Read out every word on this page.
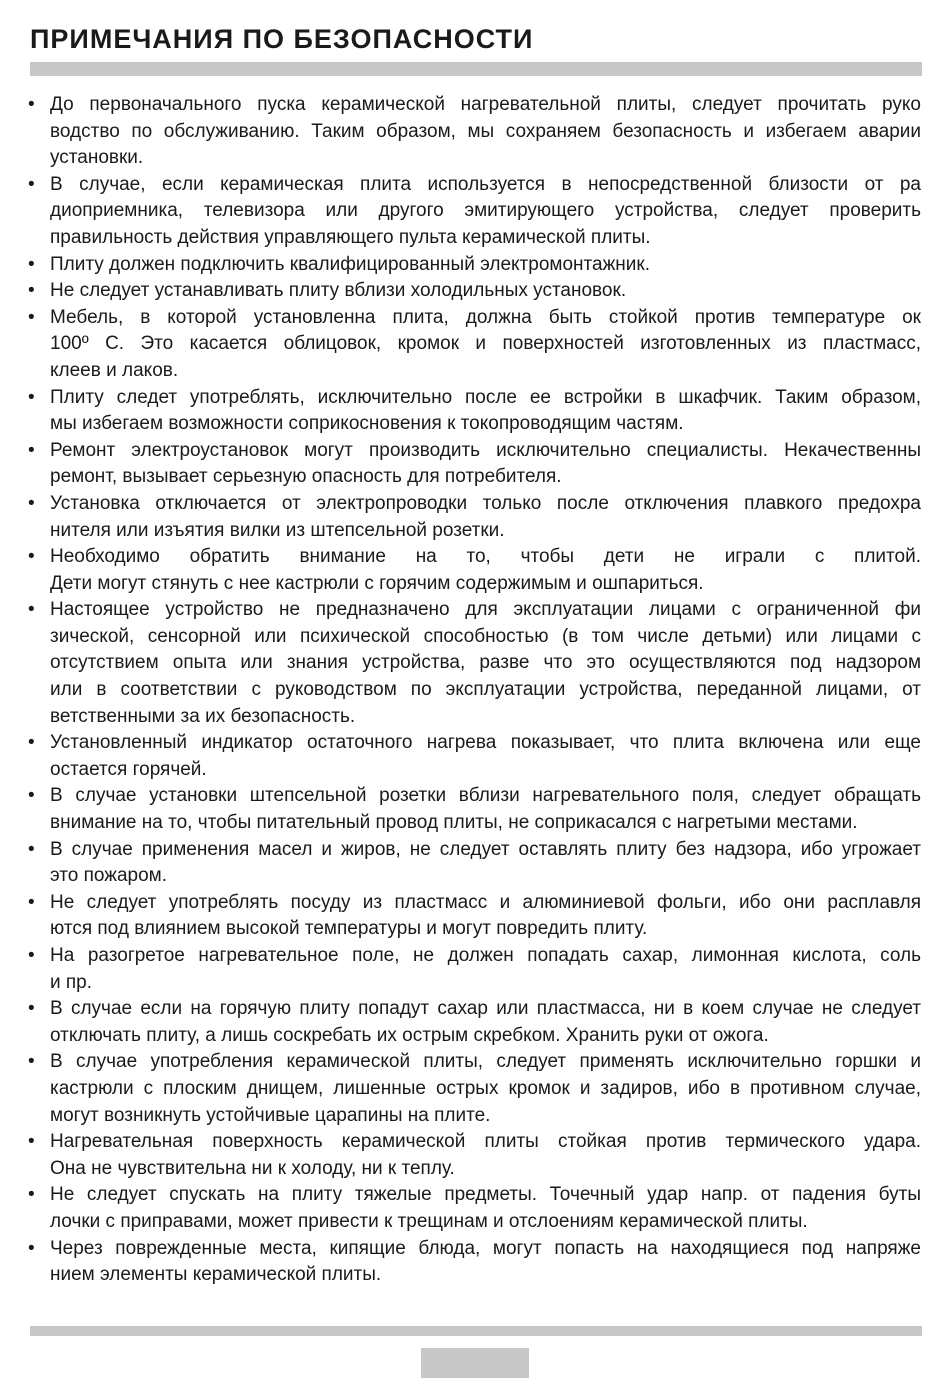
ПРИМЕЧАНИЯ ПО БЕЗОПАСНОСТИ
• До первоначального пуска керамической нагревательной плиты, следует прочитать руко
водство по обслуживанию. Таким образом, мы сохраняем безопасность и избегаем аварии
установки.
• В случае, если керамическая плита используется в непосредственной близости от ра
диоприемника, телевизора или другого эмитирующего устройства, следует проверить
правильность действия управляющего пульта керамической плиты.
• Плиту должен подключить квалифицированный электромонтажник.
• Не следует устанавливать плиту вблизи холодильных установок.
• Мебель, в которой установленна плита, должна быть стойкой против температуре ок
100º С. Это касается облицовок, кромок и поверхностей изготовленных из пластмасс,
клеев и лаков.
• Плиту следет употреблять, исключительно после ее встройки в шкафчик. Таким образом,
мы избегаем возможности соприкосновения к токопроводящим частям.
• Ремонт электроустановок могут производить исключительно специалисты. Некачественны
ремонт, вызывает серьезную опасность для потребителя.
• Установка отключается от электропроводки только после отключения плавкого предохра
нителя или изъятия вилки из штепсельной розетки.
• Необходимо обратить внимание на то, чтобы дети не играли с плитой.
Дети могут стянуть с нее кастрюли с горячим содержимым и ошпариться.
• Настоящее устройство не предназначено для эксплуатации лицами с ограниченной фи
зической, сенсорной или психической способностью (в том числе детьми) или лицами с
отсутствием опыта или знания устройства, разве что это осуществляются под надзором
или в соответствии с руководством по эксплуатации устройства, переданной лицами, от
ветственными за их безопасность.
• Установленный индикатор остаточного нагрева показывает, что плита включена или еще
остается горячей.
• В случае установки штепсельной розетки вблизи нагревательного поля, следует обращать
внимание на то, чтобы питательный провод плиты, не соприкасался с нагретыми местами.
• В случае применения масел и жиров, не следует оставлять плиту без надзора, ибо угрожает
это пожаром.
• Не следует употреблять посуду из пластмасс и алюминиевой фольги, ибо они расплавля
ются под влиянием высокой температуры и могут повредить плиту.
• На разогретое нагревательное поле, не должен попадать сахар, лимонная кислота, соль
и пр.
• В случае если на горячую плиту попадут сахар или пластмасса, ни в коем случае не следует
отключать плиту, а лишь соскребать их острым скребком. Хранить руки от ожога.
• В случае употребления керамической плиты, следует применять исключительно горшки и
кастрюли с плоским днищем, лишенные острых кромок и задиров, ибо в противном случае,
могут возникнуть устойчивые царапины на плите.
• Нагревательная поверхность керамической плиты стойкая против термического удара.
Она не чувствительна ни к холоду, ни к теплу.
• Не следует спускать на плиту тяжелые предметы. Точечный удар напр. от падения буты
лочки с приправами, может привести к трещинам и отслоениям керамической плиты.
• Через поврежденные места, кипящие блюда, могут попасть на находящиеся под напряже
нием элементы керамической плиты.
